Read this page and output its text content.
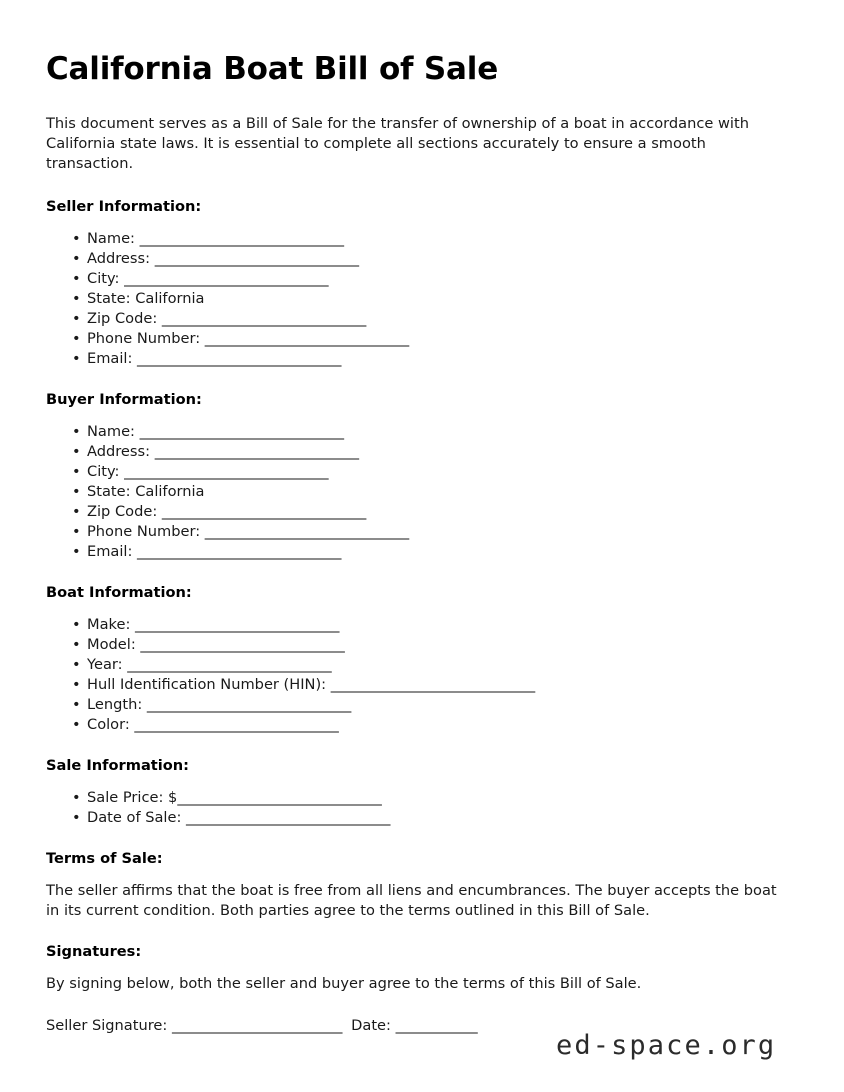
California Boat Bill of Sale

This document serves as a Bill of Sale for the transfer of ownership of a boat in accordance with California state laws. It is essential to complete all sections accurately to ensure a smooth transaction.

Seller Information:
• Name: ______________________________
• Address: ______________________________
• City: ______________________________
• State: California
• Zip Code: ______________________________
• Phone Number: ______________________________
• Email: ______________________________
Buyer Information:
• Name: ______________________________
• Address: ______________________________
• City: ______________________________
• State: California
• Zip Code: ______________________________
• Phone Number: ______________________________
• Email: ______________________________
Boat Information:
• Make: ______________________________
• Model: ______________________________
• Year: ______________________________
• Hull Identification Number (HIN): ______________________________
• Length: ______________________________
• Color: ______________________________
Sale Information:
• Sale Price: $______________________________
• Date of Sale: ______________________________
Terms of Sale:

The seller affirms that the boat is free from all liens and encumbrances. The buyer accepts the boat in its current condition. Both parties agree to the terms outlined in this Bill of Sale.

Signatures:

By signing below, both the seller and buyer agree to the terms of this Bill of Sale.

Seller Signature: _________________________ Date: ____________
ed-space.org
